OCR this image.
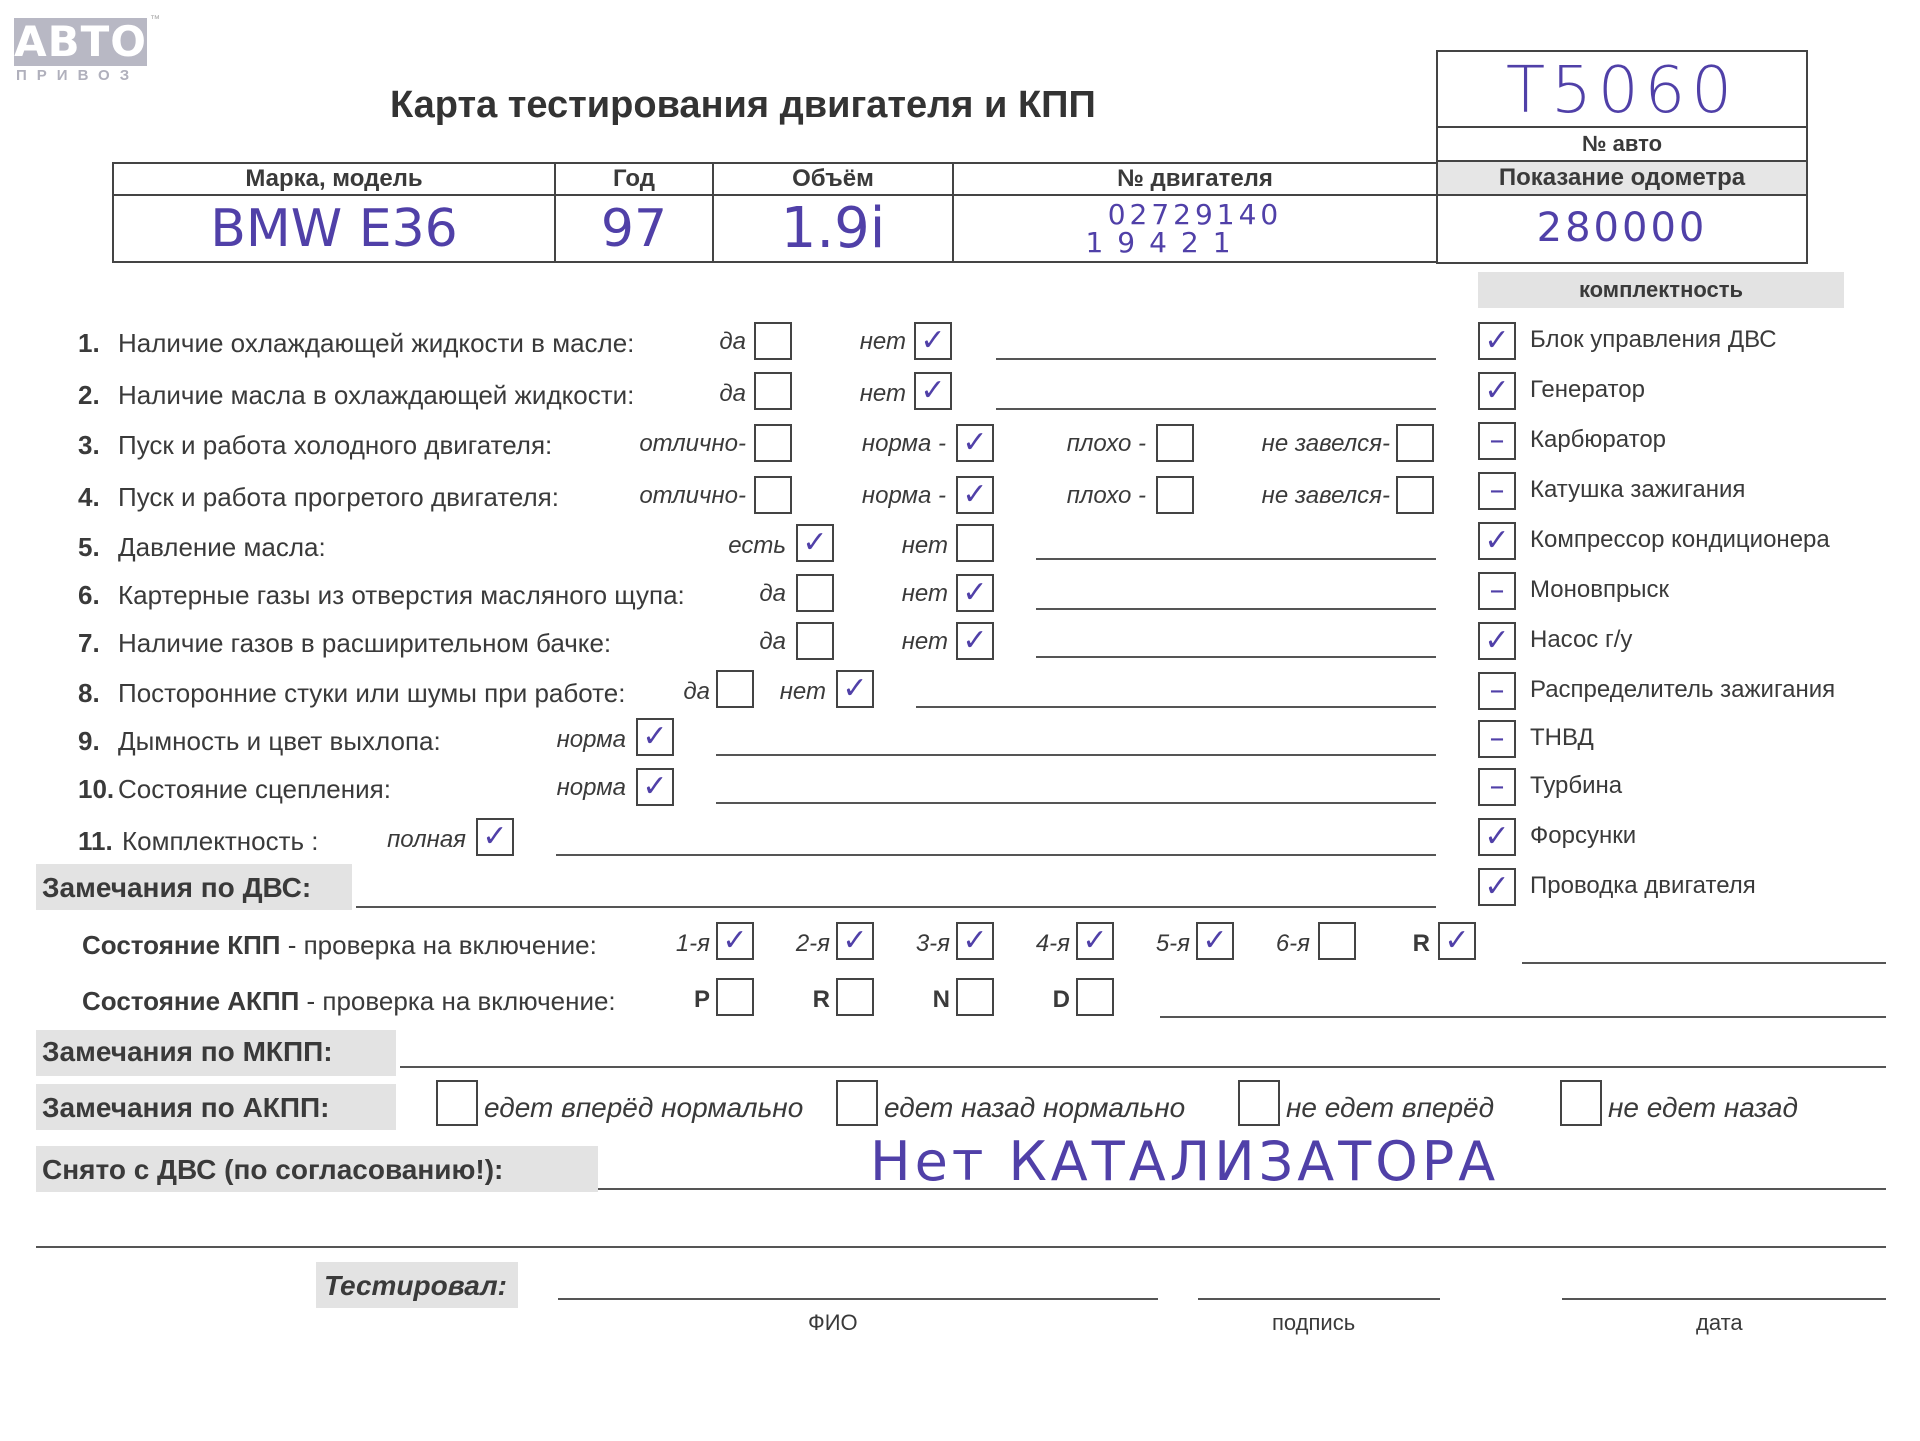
АВТО ™
ПРИВОЗ
Карта тестирования двигателя и КПП	T5060
№ авто
Показание одометра
280000
Марка, модель	Год	Объём	№ двигателя
BMW E36	97	1.9i	02729140
19421
комплектность
✓ Блок управления ДВС
✓ Генератор
–	Карбюратор
–	Катушка зажигания
✓ Компрессор кондиционера
–	Моновпрыск
✓ Насос г/у
–	Распределитель зажигания
–	ТНВД
–	Турбина
✓ Форсунки
✓ Проводка двигателя
1. Наличие охлаждающей жидкости в масле:	да	нет ✓
2. Наличие масла в охлаждающей жидкости:	да	нет ✓
3. Пуск и работа холодного двигателя:	отлично-	норма - ✓	плохо -	не завелся-
4. Пуск и работа прогретого двигателя:	отлично-	норма - ✓	плохо -	не завелся-
5. Давление масла:	есть ✓	нет
6. Картерные газы из отверстия масляного щупа:	да	нет ✓
7. Наличие газов в расширительном бачке:	да	нет ✓
8. Посторонние стуки или шумы при работе:	да	нет ✓
9. Дымность и цвет выхлопа:	норма ✓
10. Состояние сцепления:	норма ✓
11. Комплектность :	полная ✓
Замечания по ДВС:
Состояние КПП - проверка на включение:	1-я ✓	2-я ✓	3-я ✓	4-я ✓	5-я ✓	6-я	R ✓
Состояние АКПП - проверка на включение:	P	R	N	D
Замечания по МКПП:
Замечания по АКПП:	едет вперёд нормально	едет назад нормально	не едет вперёд	не едет назад
Снято с ДВС (по согласованию!):	Нет КАТАЛИЗАТОРА
Тестировал:
ФИО	подпись	дата
